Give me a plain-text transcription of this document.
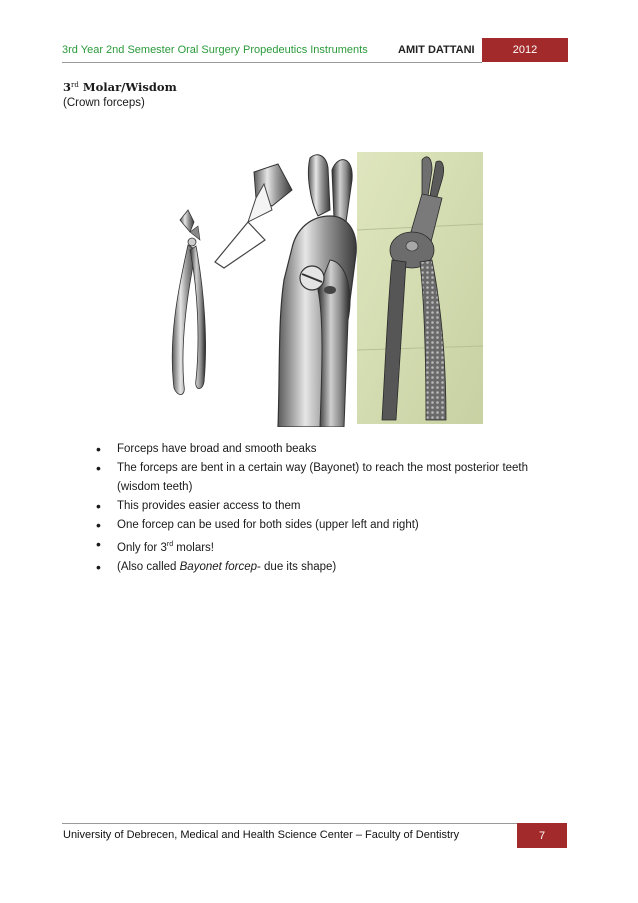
3rd Year 2nd Semester Oral Surgery Propedeutics Instruments	AMIT DATTANI	2012
3rd Molar/Wisdom
(Crown forceps)
• Forceps have broad and smooth beaks
• The forceps are bent in a certain way (Bayonet) to reach the most posterior teeth
(wisdom teeth)
• This provides easier access to them
• One forcep can be used for both sides (upper left and right)
• Only for 3rd molars!
• (Also called Bayonet forcep- due its shape)
University of Debrecen, Medical and Health Science Center – Faculty of Dentistry	7
